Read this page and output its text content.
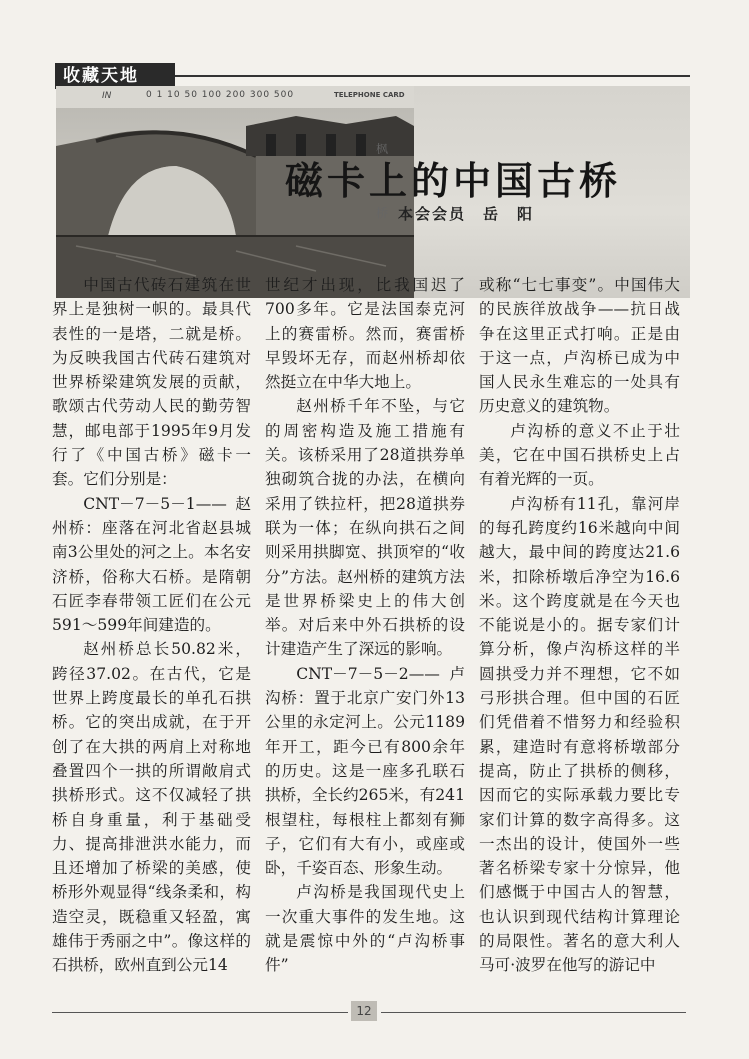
收藏天地
IN	0 1 10 50 100 200 300 500	TELEPHONE CARD
枫
磁卡上的中国古桥
桥 本会会员　岳　阳

中国古代砖石建筑在世界上是独树一帜的。最具代表性的一是塔，二就是桥。为反映我国古代砖石建筑对世界桥梁建筑发展的贡献，歌颂古代劳动人民的勤劳智慧，邮电部于1995年9月发行了《中国古桥》磁卡一套。它们分别是：

CNT－7－5－1——赵州桥：座落在河北省赵县城南3公里处的河之上。本名安济桥，俗称大石桥。是隋朝石匠李春带领工匠们在公元591～599年间建造的。

赵州桥总长50.82米，跨径37.02。在古代，它是世界上跨度最长的单孔石拱桥。它的突出成就，在于开创了在大拱的两肩上对称地叠置四个一拱的所谓敞肩式拱桥形式。这不仅减轻了拱桥自身重量，利于基础受力、提高排泄洪水能力，而且还增加了桥梁的美感，使桥形外观显得“线条柔和，构造空灵，既稳重又轻盈，寓雄伟于秀丽之中”。像这样的石拱桥，欧州直到公元14

世纪才出现，比我国迟了700多年。它是法国泰克河上的赛雷桥。然而，赛雷桥早毁坏无存，而赵州桥却依然挺立在中华大地上。

赵州桥千年不坠，与它的周密构造及施工措施有关。该桥采用了28道拱券单独砌筑合拢的办法，在横向采用了铁拉杆，把28道拱券联为一体；在纵向拱石之间则采用拱脚宽、拱顶窄的“收分”方法。赵州桥的建筑方法是世界桥梁史上的伟大创举。对后来中外石拱桥的设计建造产生了深远的影响。

CNT－7－5－2——卢沟桥：置于北京广安门外13公里的永定河上。公元1189年开工，距今已有800余年的历史。这是一座多孔联石拱桥，全长约265米，有241根望柱，每根柱上都刻有狮子，它们有大有小，或座或卧，千姿百态、形象生动。

卢沟桥是我国现代史上一次重大事件的发生地。这就是震惊中外的“卢沟桥事件”

或称“七七事变”。中国伟大的民族徉放战争——抗日战争在这里正式打响。正是由于这一点，卢沟桥已成为中国人民永生难忘的一处具有历史意义的建筑物。

卢沟桥的意义不止于壮美，它在中国石拱桥史上占有着光辉的一页。

卢沟桥有11孔，靠河岸的每孔跨度约16米越向中间越大，最中间的跨度达21.6米，扣除桥墩后净空为16.6米。这个跨度就是在今天也不能说是小的。据专家们计算分析，像卢沟桥这样的半圆拱受力并不理想，它不如弓形拱合理。但中国的石匠们凭借着不惜努力和经验积累，建造时有意将桥墩部分提高，防止了拱桥的侧移，因而它的实际承载力要比专家们计算的数字高得多。这一杰出的设计，使国外一些著名桥梁专家十分惊异，他们感慨于中国古人的智慧，也认识到现代结构计算理论的局限性。著名的意大利人马可·波罗在他写的游记中

12
